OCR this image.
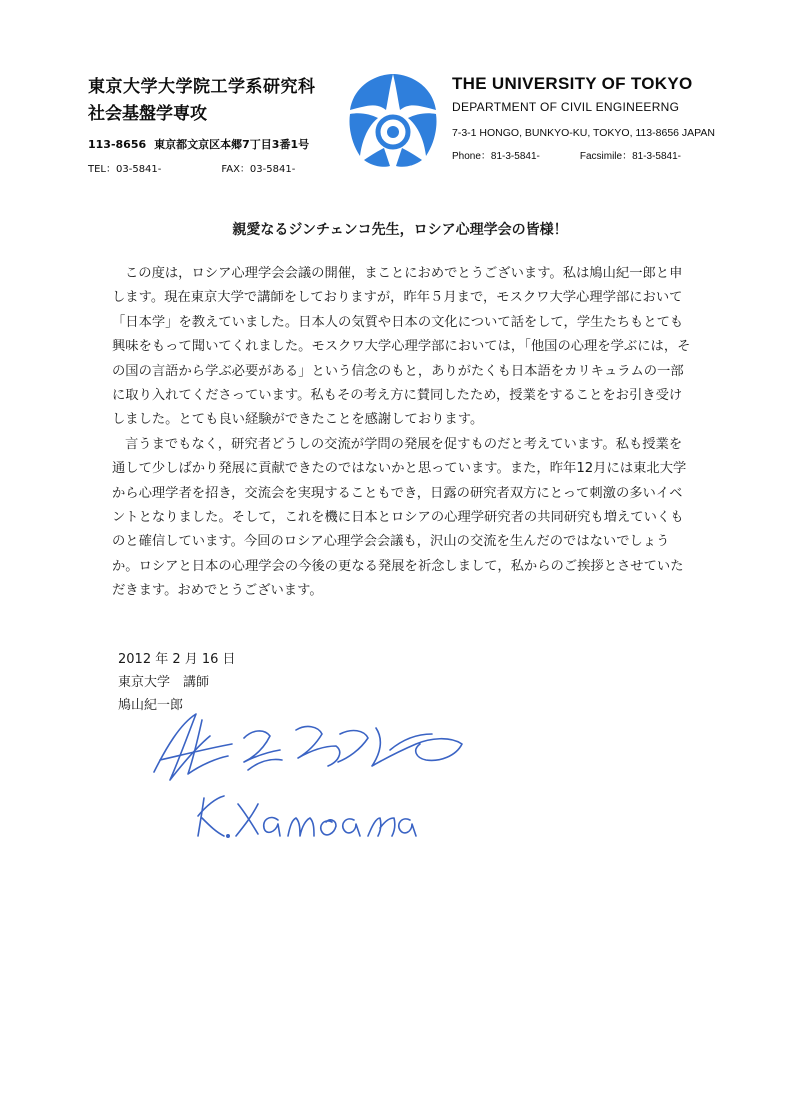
東京大学大学院工学系研究科
社会基盤学専攻
113-8656 東京都文京区本郷7丁目3番1号
TEL：03-5841-	FAX：03-5841-
THE UNIVERSITY OF TOKYO
DEPARTMENT OF CIVIL ENGINEERNG
7-3-1 HONGO, BUNKYO-KU, TOKYO, 113-8656 JAPAN
Phone：81-3-5841-	Facsimile：81-3-5841-
親愛なるジンチェンコ先生，ロシア心理学会の皆様！

この度は，ロシア心理学会会議の開催，まことにおめでとうございます。私は鳩山紀一郎と申します。現在東京大学で講師をしておりますが，昨年５月まで，モスクワ大学心理学部において「日本学」を教えていました。日本人の気質や日本の文化について話をして，学生たちもとても興味をもって聞いてくれました。モスクワ大学心理学部においては，「他国の心理を学ぶには，その国の言語から学ぶ必要がある」という信念のもと，ありがたくも日本語をカリキュラムの一部に取り入れてくださっています。私もその考え方に賛同したため，授業をすることをお引き受けしました。とても良い経験ができたことを感謝しております。

言うまでもなく，研究者どうしの交流が学問の発展を促すものだと考えています。私も授業を通して少しばかり発展に貢献できたのではないかと思っています。また，昨年12月には東北大学から心理学者を招き，交流会を実現することもでき，日露の研究者双方にとって刺激の多いイベントとなりました。そして，これを機に日本とロシアの心理学研究者の共同研究も増えていくものと確信しています。今回のロシア心理学会会議も，沢山の交流を生んだのではないでしょうか。ロシアと日本の心理学会の今後の更なる発展を祈念しまして，私からのご挨拶とさせていただきます。おめでとうございます。

2012 年 2 月 16 日
東京大学　講師
鳩山紀一郎
